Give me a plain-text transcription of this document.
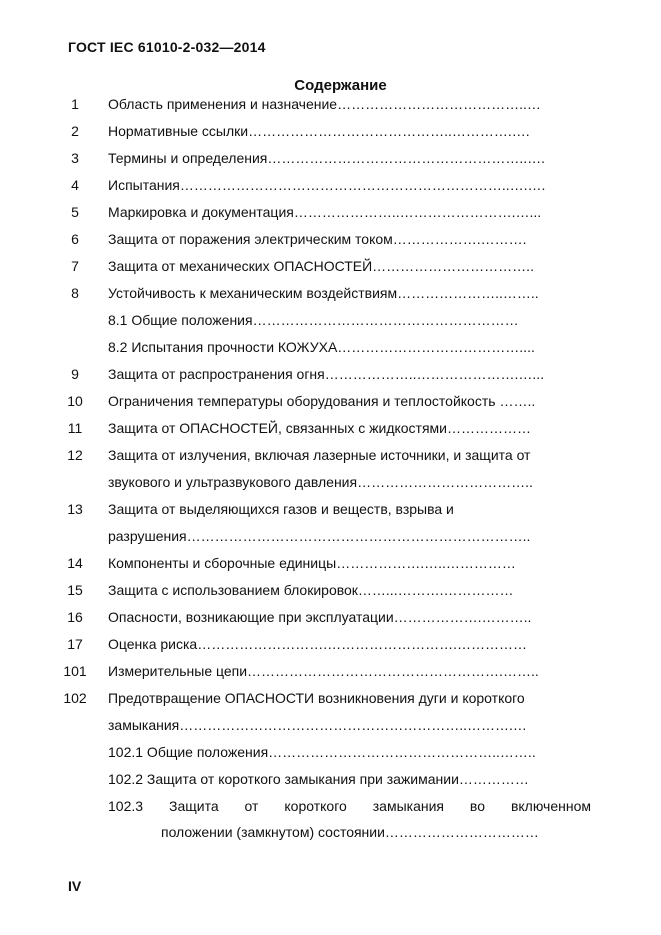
ГОСТ IEC 61010-2-032—2014
Содержание
1	Область применения и назначение…………………………………..…
2	Нормативные ссылки……………………………………..………….….
3	Термины и определения………………………………………………..….
4	Испытания……………………………………………………………..….….
5	Маркировка и документация…………………..…………………….…...
6	Защита от поражения электрическим током……………….……….
7	Защита от механических ОПАСНОСТЕЙ……………………………..
8	Устойчивость к механическим воздействиям…………………..……..
8.1 Общие положения…………………………………………………
8.2 Испытания прочности КОЖУХА…………………………………....
9	Защита от распространения огня………………..………………….…...
10	Ограничения температуры оборудования и теплостойкость ……..
11	Защита от ОПАСНОСТЕЙ, связанных с жидкостями………………
12	Защита от излучения, включая лазерные источники, и защита от
звукового и ультразвукового давления………………………………..
13	Защита от выделяющихся газов и веществ, взрыва и
разрушения………………………………………………………………..
14	Компоненты и сборочные единицы……………….…..……………
15	Защита с использованием блокировок……...……….……………
16	Опасности, возникающие при эксплуатации……………….………..
17	Оценка риска……………………….……………………….……………
101 Измерительные цепи……………………………………………….……..
102 Предотвращение ОПАСНОСТИ возникновения дуги и короткого
замыкания……………………………………………………..……….…
102.1 Общие положения…………………………………………..……..
102.2 Защита от короткого замыкания при зажимании……………
102.3 Защита от короткого замыкания во включенном
положении (замкнутом) состоянии……………………………
IV
